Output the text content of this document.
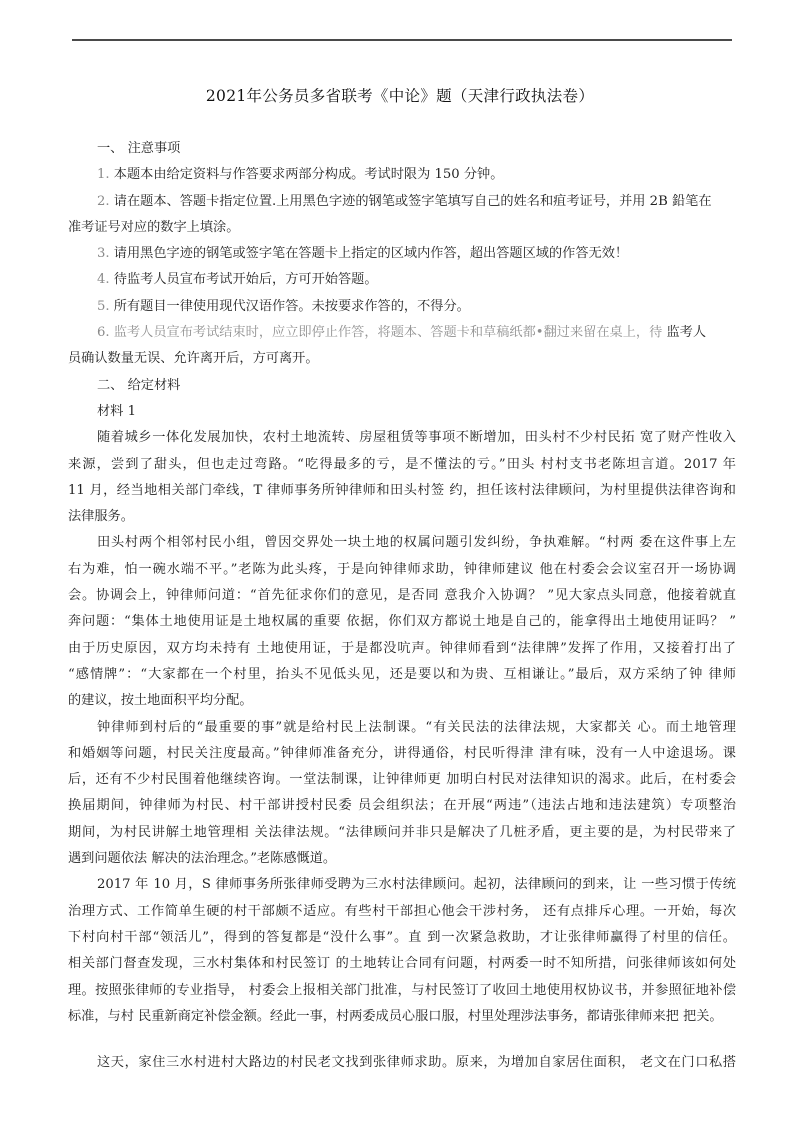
2021年公务员多省联考《中论》题（天津行政执法卷）
一、 注意事项
1. 本题本由给定资料与作答要求两部分构成。考试时限为 150 分钟。
2. 请在题本、答题卡指定位置.上用黑色字迹的钢笔或签字笔填写自己的姓名和疽考证号，并用 2B 鉛笔在
准考证号对应的数字上填涂。
3. 请用黑色字迹的钢笔或签字笔在答题卡上指定的区域内作答，超出答题区域的作答无效！
4. 待监考人员宣布考试开始后，方可开始答题。
5. 所有题目一律使用现代汉语作答。未按要求作答的，不得分。
6. 监考人员宣布考试结束时，应立即停止作答，将题本、答题卡和草稿纸都•翻过来留在桌上，待 监考人
员确认数量无误、允许离开后，方可离开。
二、 给定材料
材料 1
随着城乡一体化发展加快，农村土地流转、房屋租赁等事项不断增加，田头村不少村民拓 宽了财产性收入
来源，尝到了甜头，但也走过弯路。“吃得最多的亏，是不懂法的亏。”田头 村村支书老陈坦言道。2017 年
11 月，经当地相关部门牵线，T 律师事务所钟律师和田头村签 约，担任该村法律顾问，为村里提供法律咨询和
法律服务。
田头村两个相邻村民小组，曾因交界处一块土地的权属问题引发纠纷，争执难解。“村两 委在这件事上左
右为难，怕一碗水端不平。”老陈为此头疼，于是向钟律师求助，钟律师建议 他在村委会会议室召开一场协调
会。协调会上，钟律师问道：“首先征求你们的意见，是否同 意我介入协调？ ”见大家点头同意，他接着就直
奔问题：“集体土地使用证是土地权属的重要 依据，你们双方都说土地是自己的，能拿得出土地使用证吗？ ”
由于历史原因，双方均未持有 土地使用证，于是都没吭声。钟律师看到“法律牌”发挥了作用，又接着打出了
“感情牌”：“大家都在一个村里，抬头不见低头见，还是要以和为贵、互相谦让。”最后，双方采纳了钟 律师
的建议，按土地面积平均分配。
钟律师到村后的“最重要的事”就是给村民上法制课。“有关民法的法律法规，大家都关 心。而土地管理
和婚姻等问题，村民关注度最高。”钟律师准备充分，讲得通俗，村民听得津 津有味，没有一人中途退场。课
后，还有不少村民围着他继续咨询。一堂法制课，让钟律师更 加明白村民对法律知识的渴求。此后，在村委会
换届期间，钟律师为村民、村干部讲授村民委 员会组织法；在开展“两违”（违法占地和违法建筑）专项整治
期间，为村民讲解土地管理相 关法律法规。“法律顾问并非只是解决了几桩矛盾，更主要的是，为村民带来了
遇到问题依法 解决的法治理念。”老陈感慨道。
2017 年 10 月，S 律师事务所张律师受聘为三水村法律顾问。起初，法律顾问的到来，让 一些习惯于传统
治理方式、工作简单生硬的村干部颇不适应。有些村干部担心他会干涉村务， 还有点排斥心理。一开始，每次
下村向村干部“领活儿”，得到的答复都是“没什么事”。直 到一次紧急救助，才让张律师赢得了村里的信任。
相关部门督查发现，三水村集体和村民签订 的土地转让合同有问题，村两委一时不知所措，问张律师该如何处
理。按照张律师的专业指导， 村委会上报相关部门批准，与村民签订了收回土地使用权协议书，并参照征地补偿
标准，与村 民重新商定补偿金额。经此一事，村两委成员心服口服，村里处理涉法事务，都请张律师来把 把关。
这天，家住三水村进村大路边的村民老文找到张律师求助。原来，为增加自家居住面积， 老文在门口私搭
